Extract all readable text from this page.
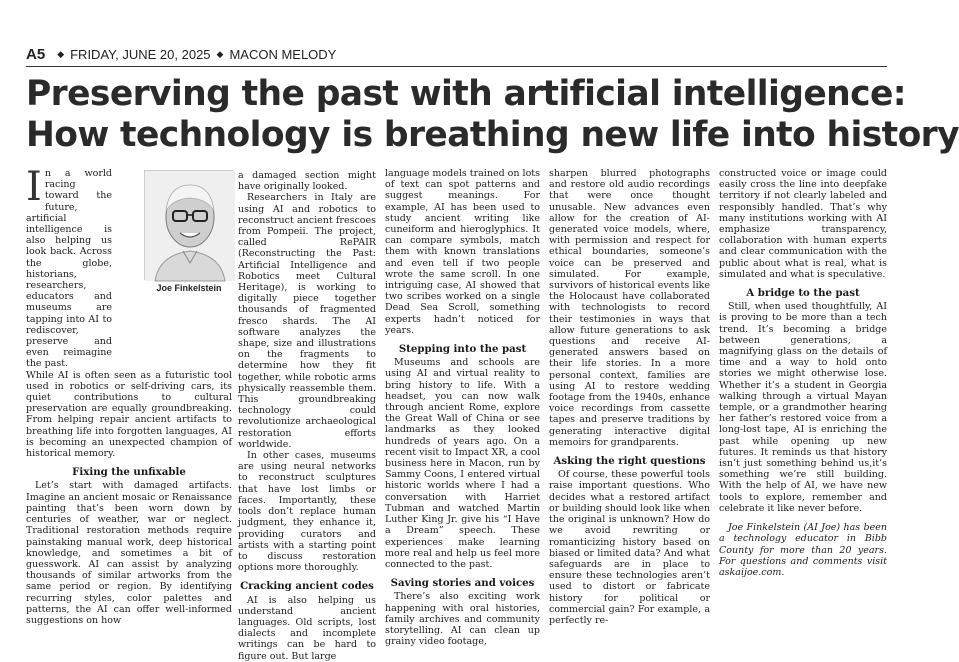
A5 ◆ FRIDAY, JUNE 20, 2025 ◆ MACON MELODY
Preserving the past with artificial intelligence:
How technology is breathing new life into history
Joe Finkelstein
In a world racing toward the future, artificial intelligence is also helping us look back. Across the globe, historians, researchers, educators and museums are tapping into AI to rediscover, preserve and even reimagine the past.

While AI is often seen as a futuristic tool used in robotics or self-driving cars, its quiet contributions to cultural preservation are equally groundbreaking. From helping repair ancient artifacts to breathing life into forgotten languages, AI is becoming an unexpected champion of historical memory.

Fixing the unfixable

Let’s start with damaged artifacts. Imagine an ancient mosaic or Renaissance painting that’s been worn down by centuries of weather, war or neglect. Traditional restoration methods require painstaking manual work, deep historical knowledge, and sometimes a bit of guesswork. AI can assist by analyzing thousands of similar artworks from the same period or region. By identifying recurring styles, color palettes and patterns, the AI can offer well-informed suggestions on how

a damaged section might have originally looked.

Researchers in Italy are using AI and robotics to reconstruct ancient frescoes from Pompeii. The project, called RePAIR (Reconstructing the Past: Artificial Intelligence and Robotics meet Cultural Heritage), is working to digitally piece together thousands of fragmented fresco shards. The AI software analyzes the shape, size and illustrations on the fragments to determine how they fit together, while robotic arms physically reassemble them. This groundbreaking technology could revolutionize archaeological restoration efforts worldwide.

In other cases, museums are using neural networks to reconstruct sculptures that have lost limbs or faces. Importantly, these tools don’t replace human judgment, they enhance it, providing curators and artists with a starting point to discuss restoration options more thoroughly.

Cracking ancient codes

AI is also helping us understand ancient languages. Old scripts, lost dialects and incomplete writings can be hard to figure out. But large

language models trained on lots of text can spot patterns and suggest meanings. For example, AI has been used to study ancient writing like cuneiform and hieroglyphics. It can compare symbols, match them with known translations and even tell if two people wrote the same scroll. In one intriguing case, AI showed that two scribes worked on a single Dead Sea Scroll, something experts hadn’t noticed for years.

Stepping into the past

Museums and schools are using AI and virtual reality to bring history to life. With a headset, you can now walk through ancient Rome, explore the Great Wall of China or see landmarks as they looked hundreds of years ago. On a recent visit to Impact XR, a cool business here in Macon, run by Sammy Coons, I entered virtual historic worlds where I had a conversation with Harriet Tubman and watched Martin Luther King Jr. give his “I Have a Dream” speech. These experiences make learning more real and help us feel more connected to the past.

Saving stories and voices

There’s also exciting work happening with oral histories, family archives and community storytelling. AI can clean up grainy video footage,

sharpen blurred photographs and restore old audio recordings that were once thought unusable. New advances even allow for the creation of AI-generated voice models, where, with permission and respect for ethical boundaries, someone’s voice can be preserved and simulated. For example, survivors of historical events like the Holocaust have collaborated with technologists to record their testimonies in ways that allow future generations to ask questions and receive AI-generated answers based on their life stories. In a more personal context, families are using AI to restore wedding footage from the 1940s, enhance voice recordings from cassette tapes and preserve traditions by generating interactive digital memoirs for grandparents.

Asking the right questions

Of course, these powerful tools raise important questions. Who decides what a restored artifact or building should look like when the original is unknown? How do we avoid rewriting or romanticizing history based on biased or limited data? And what safeguards are in place to ensure these technologies aren’t used to distort or fabricate history for political or commercial gain? For example, a perfectly re-

constructed voice or image could easily cross the line into deepfake territory if not clearly labeled and responsibly handled. That’s why many institutions working with AI emphasize transparency, collaboration with human experts and clear communication with the public about what is real, what is simulated and what is speculative.

A bridge to the past

Still, when used thoughtfully, AI is proving to be more than a tech trend. It’s becoming a bridge between generations, a magnifying glass on the details of time and a way to hold onto stories we might otherwise lose. Whether it’s a student in Georgia walking through a virtual Mayan temple, or a grandmother hearing her father’s restored voice from a long-lost tape, AI is enriching the past while opening up new futures. It reminds us that history isn’t just something behind us,it’s something we’re still building. With the help of AI, we have new tools to explore, remember and celebrate it like never before.

Joe Finkelstein (AI Joe) has been a technology educator in Bibb County for more than 20 years. For questions and comments visit askaijoe.com.
